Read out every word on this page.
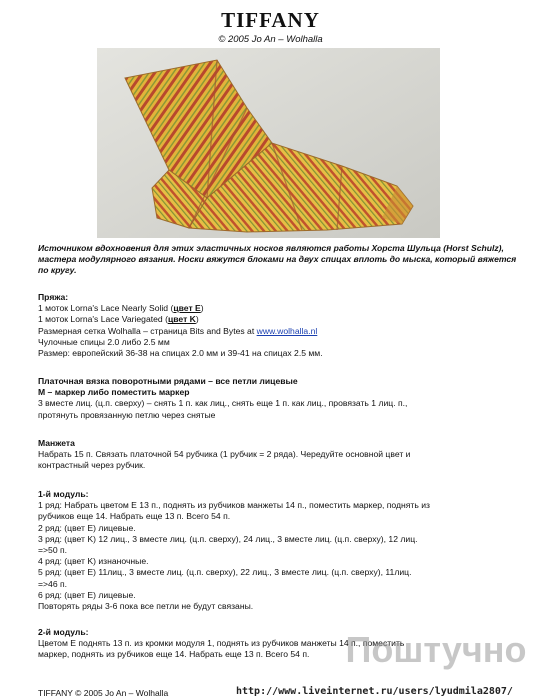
TIFFANY
© 2005 Jo An – Wolhalla
Источником вдохновения для этих эластичных носков являются работы Хорста Шульца (Horst Schulz), мастера модулярного вязания. Носки вяжутся блоками на двух спицах вплоть до мыска, который вяжется по кругу.
Пряжа:
1 моток Lorna's Lace Nearly Solid (цвет E)
1 моток Lorna's Lace Variegated (цвет K)
Размерная сетка Wolhalla – страница Bits and Bytes at www.wolhalla.nl
Чулочные спицы 2.0 либо 2.5 мм
Размер: европейский 36-38 на спицах 2.0 мм и 39-41 на спицах 2.5 мм.
Платочная вязка поворотными рядами – все петли лицевые
M – маркер либо поместить маркер
3 вместе лиц. (ц.п. сверху) – снять 1 п. как лиц., снять еще 1 п. как лиц., провязать 1 лиц. п.,
протянуть провязанную петлю через снятые
Манжета
Набрать 15 п. Связать платочной 54 рубчика (1 рубчик = 2 ряда). Чередуйте основной цвет и
контрастный через рубчик.
1-й модуль:
1 ряд: Набрать цветом E 13 п., поднять из рубчиков манжеты 14 п., поместить маркер, поднять из
рубчиков еще 14. Набрать еще 13 п. Всего 54 п.
2 ряд: (цвет E) лицевые.
3 ряд: (цвет K) 12 лиц., 3 вместе лиц. (ц.п. сверху), 24 лиц., 3 вместе лиц. (ц.п. сверху), 12 лиц.
=>50 п.
4 ряд: (цвет K) изнаночные.
5 ряд: (цвет E) 11лиц., 3 вместе лиц. (ц.п. сверху), 22 лиц., 3 вместе лиц. (ц.п. сверху), 11лиц.
=>46 п.
6 ряд: (цвет E) лицевые.
Повторять ряды 3-6 пока все петли не будут связаны.
2-й модуль:
Цветом E поднять 13 п. из кромки модуля 1, поднять из рубчиков манжеты 14 п., поместить
маркер, поднять из рубчиков еще 14. Набрать еще 13 п. Всего 54 п.	Поштучно
TIFFANY © 2005 Jo An – Wolhalla	http://www.liveinternet.ru/users/lyudmila2807/
